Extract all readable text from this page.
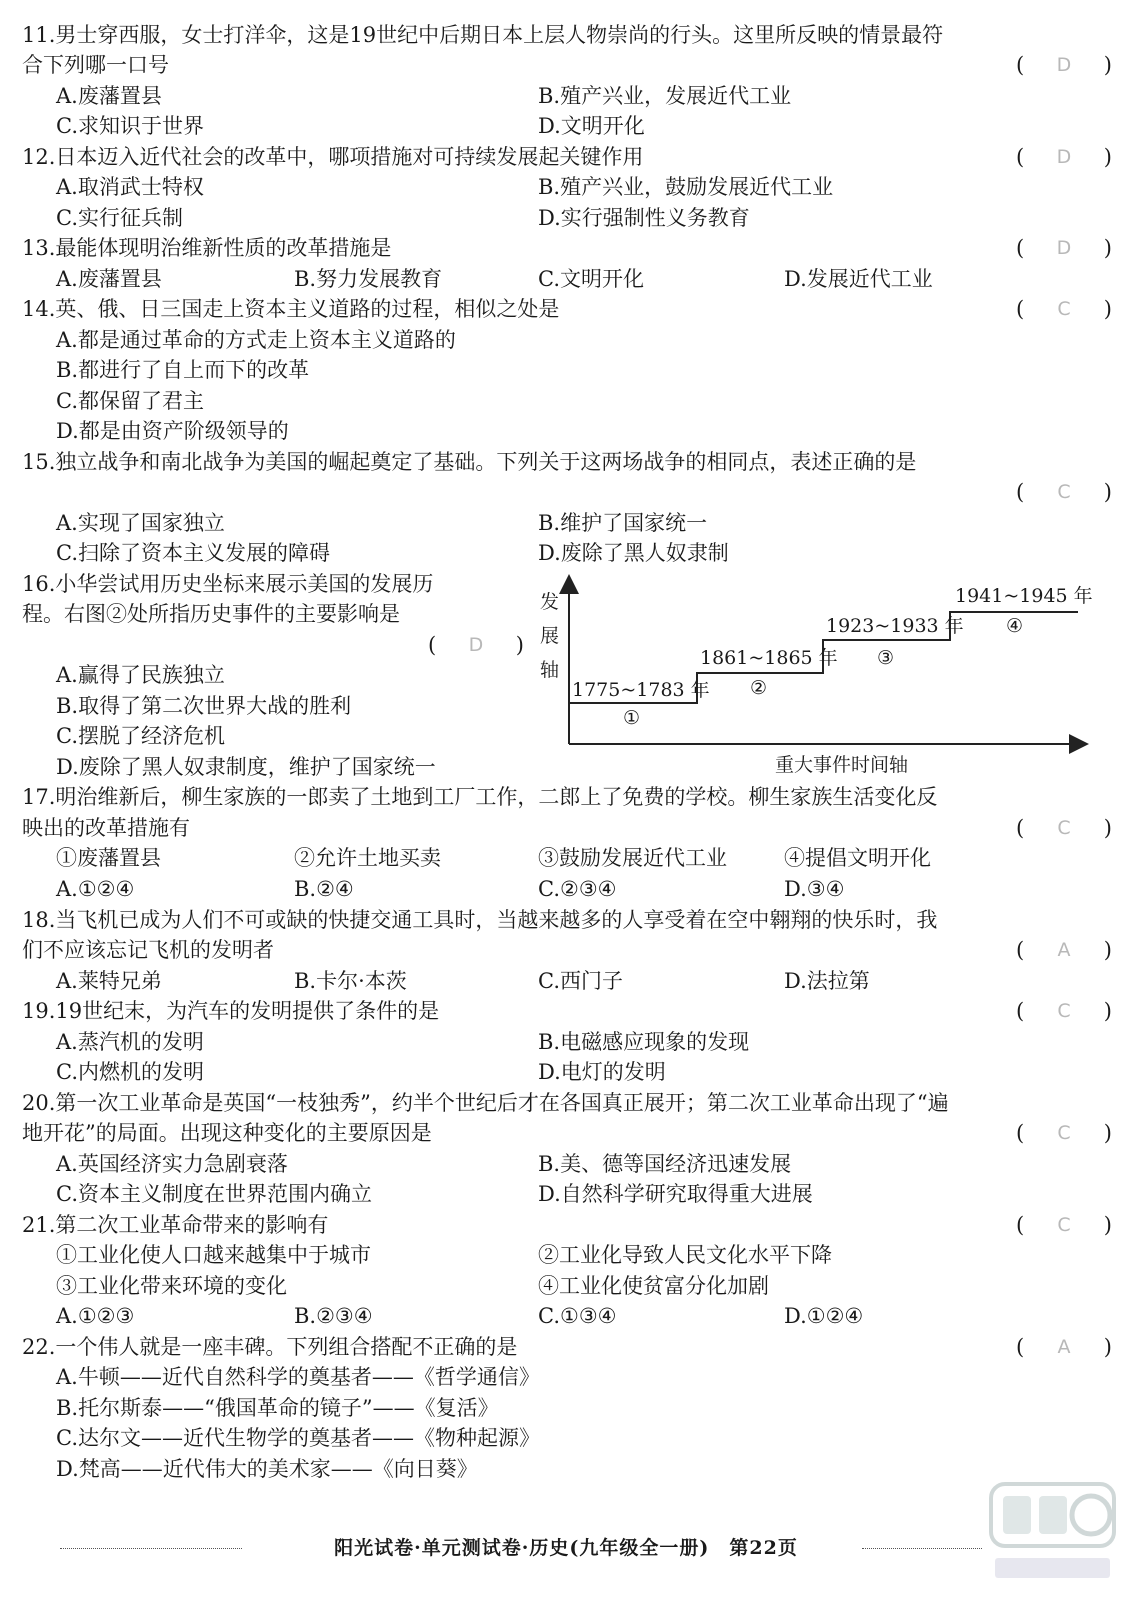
11.男士穿西服，女士打洋伞，这是19世纪中后期日本上层人物崇尚的行头。这里所反映的情景最符
合下列哪一口号	( D )
A.废藩置县	B.殖产兴业，发展近代工业
C.求知识于世界	D.文明开化
12.日本迈入近代社会的改革中，哪项措施对可持续发展起关键作用	( D )
A.取消武士特权	B.殖产兴业，鼓励发展近代工业
C.实行征兵制	D.实行强制性义务教育
13.最能体现明治维新性质的改革措施是	( D )
A.废藩置县	B.努力发展教育	C.文明开化	D.发展近代工业
14.英、俄、日三国走上资本主义道路的过程，相似之处是	( C )
A.都是通过革命的方式走上资本主义道路的
B.都进行了自上而下的改革
C.都保留了君主
D.都是由资产阶级领导的
15.独立战争和南北战争为美国的崛起奠定了基础。下列关于这两场战争的相同点，表述正确的是
( C )
A.实现了国家独立	B.维护了国家统一
C.扫除了资本主义发展的障碍	D.废除了黑人奴隶制
16.小华尝试用历史坐标来展示美国的发展历
程。右图②处所指历史事件的主要影响是
( D )
A.赢得了民族独立
B.取得了第二次世界大战的胜利
C.摆脱了经济危机
D.废除了黑人奴隶制度，维护了国家统一
发展轴
1775~1783 年
①
1861~1865 年
②
1923~1933 年
③
1941~1945 年
④
重大事件时间轴
17.明治维新后，柳生家族的一郎卖了土地到工厂工作，二郎上了免费的学校。柳生家族生活变化反
映出的改革措施有	( C )
①废藩置县	②允许土地买卖	③鼓励发展近代工业	④提倡文明开化
A.①②④	B.②④	C.②③④	D.③④
18.当飞机已成为人们不可或缺的快捷交通工具时，当越来越多的人享受着在空中翱翔的快乐时，我
们不应该忘记飞机的发明者	( A )
A.莱特兄弟	B.卡尔·本茨	C.西门子	D.法拉第
19.19世纪末，为汽车的发明提供了条件的是	( C )
A.蒸汽机的发明	B.电磁感应现象的发现
C.内燃机的发明	D.电灯的发明
20.第一次工业革命是英国“一枝独秀”，约半个世纪后才在各国真正展开；第二次工业革命出现了“遍
地开花”的局面。出现这种变化的主要原因是	( C )
A.英国经济实力急剧衰落	B.美、德等国经济迅速发展
C.资本主义制度在世界范围内确立	D.自然科学研究取得重大进展
21.第二次工业革命带来的影响有	( C )
①工业化使人口越来越集中于城市	②工业化导致人民文化水平下降
③工业化带来环境的变化	④工业化使贫富分化加剧
A.①②③	B.②③④	C.①③④	D.①②④
22.一个伟人就是一座丰碑。下列组合搭配不正确的是	( A )
A.牛顿——近代自然科学的奠基者——《哲学通信》
B.托尔斯泰——“俄国革命的镜子”——《复活》
C.达尔文——近代生物学的奠基者——《物种起源》
D.梵高——近代伟大的美术家——《向日葵》
阳光试卷·单元测试卷·历史(九年级全一册)　第22页
